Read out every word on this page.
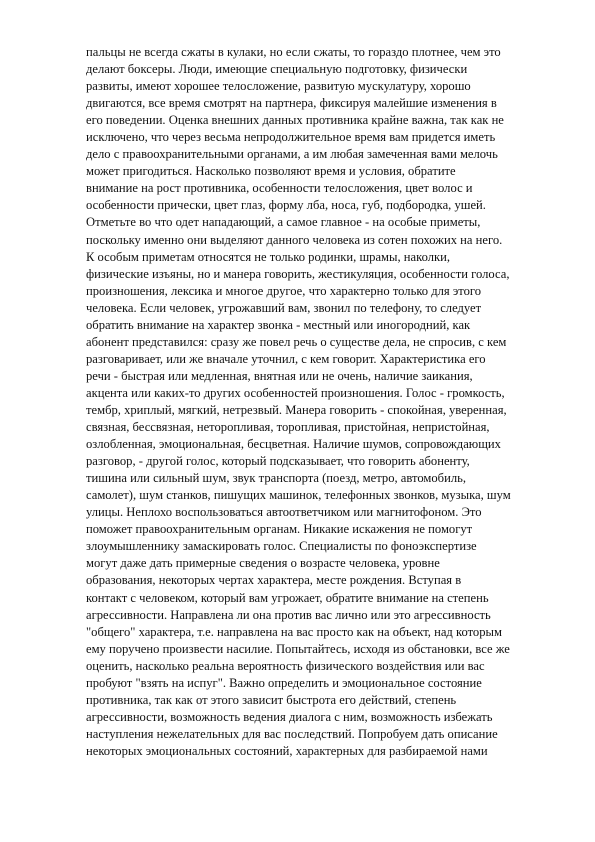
пальцы не всегда сжаты в кулаки, но если сжаты, то гораздо плотнее, чем это
делают боксеры. Люди, имеющие специальную подготовку, физически
развиты, имеют хорошее телосложение, развитую мускулатуру, хорошо
двигаются, все время смотрят на партнера, фиксируя малейшие изменения в
его поведении. Оценка внешних данных противника крайне важна, так как не
исключено, что через весьма непродолжительное время вам придется иметь
дело с правоохранительными органами, а им любая замеченная вами мелочь
может пригодиться. Насколько позволяют время и условия, обратите
внимание на рост противника, особенности телосложения, цвет волос и
особенности прически, цвет глаз, форму лба, носа, губ, подбородка, ушей.
Отметьте во что одет нападающий, а самое главное - на особые приметы,
поскольку именно они выделяют данного человека из сотен похожих на него.
К особым приметам относятся не только родинки, шрамы, наколки,
физические изъяны, но и манера говорить, жестикуляция, особенности голоса,
произношения, лексика и многое другое, что характерно только для этого
человека. Если человек, угрожавший вам, звонил по телефону, то следует
обратить внимание на характер звонка - местный или иногородний, как
абонент представился: сразу же повел речь о существе дела, не спросив, с кем
разговаривает, или же вначале уточнил, с кем говорит. Характеристика его
речи - быстрая или медленная, внятная или не очень, наличие заикания,
акцента или каких-то других особенностей произношения. Голос - громкость,
тембр, хриплый, мягкий, нетрезвый. Манера говорить - спокойная, уверенная,
связная, бессвязная, неторопливая, торопливая, пристойная, непристойная,
озлобленная, эмоциональная, бесцветная. Наличие шумов, сопровождающих
разговор, - другой голос, который подсказывает, что говорить абоненту,
тишина или сильный шум, звук транспорта (поезд, метро, автомобиль,
самолет), шум станков, пишущих машинок, телефонных звонков, музыка, шум
улицы. Неплохо воспользоваться автоответчиком или магнитофоном. Это
поможет правоохранительным органам. Никакие искажения не помогут
злоумышленнику замаскировать голос. Специалисты по фоноэкспертизе
могут даже дать примерные сведения о возрасте человека, уровне
образования, некоторых чертах характера, месте рождения. Вступая в
контакт с человеком, который вам угрожает, обратите внимание на степень
агрессивности. Направлена ли она против вас лично или это агрессивность
"общего" характера, т.е. направлена на вас просто как на объект, над которым
ему поручено произвести насилие. Попытайтесь, исходя из обстановки, все же
оценить, насколько реальна вероятность физического воздействия или вас
пробуют "взять на испуг". Важно определить и эмоциональное состояние
противника, так как от этого зависит быстрота его действий, степень
агрессивности, возможность ведения диалога с ним, возможность избежать
наступления нежелательных для вас последствий. Попробуем дать описание
некоторых эмоциональных состояний, характерных для разбираемой нами
